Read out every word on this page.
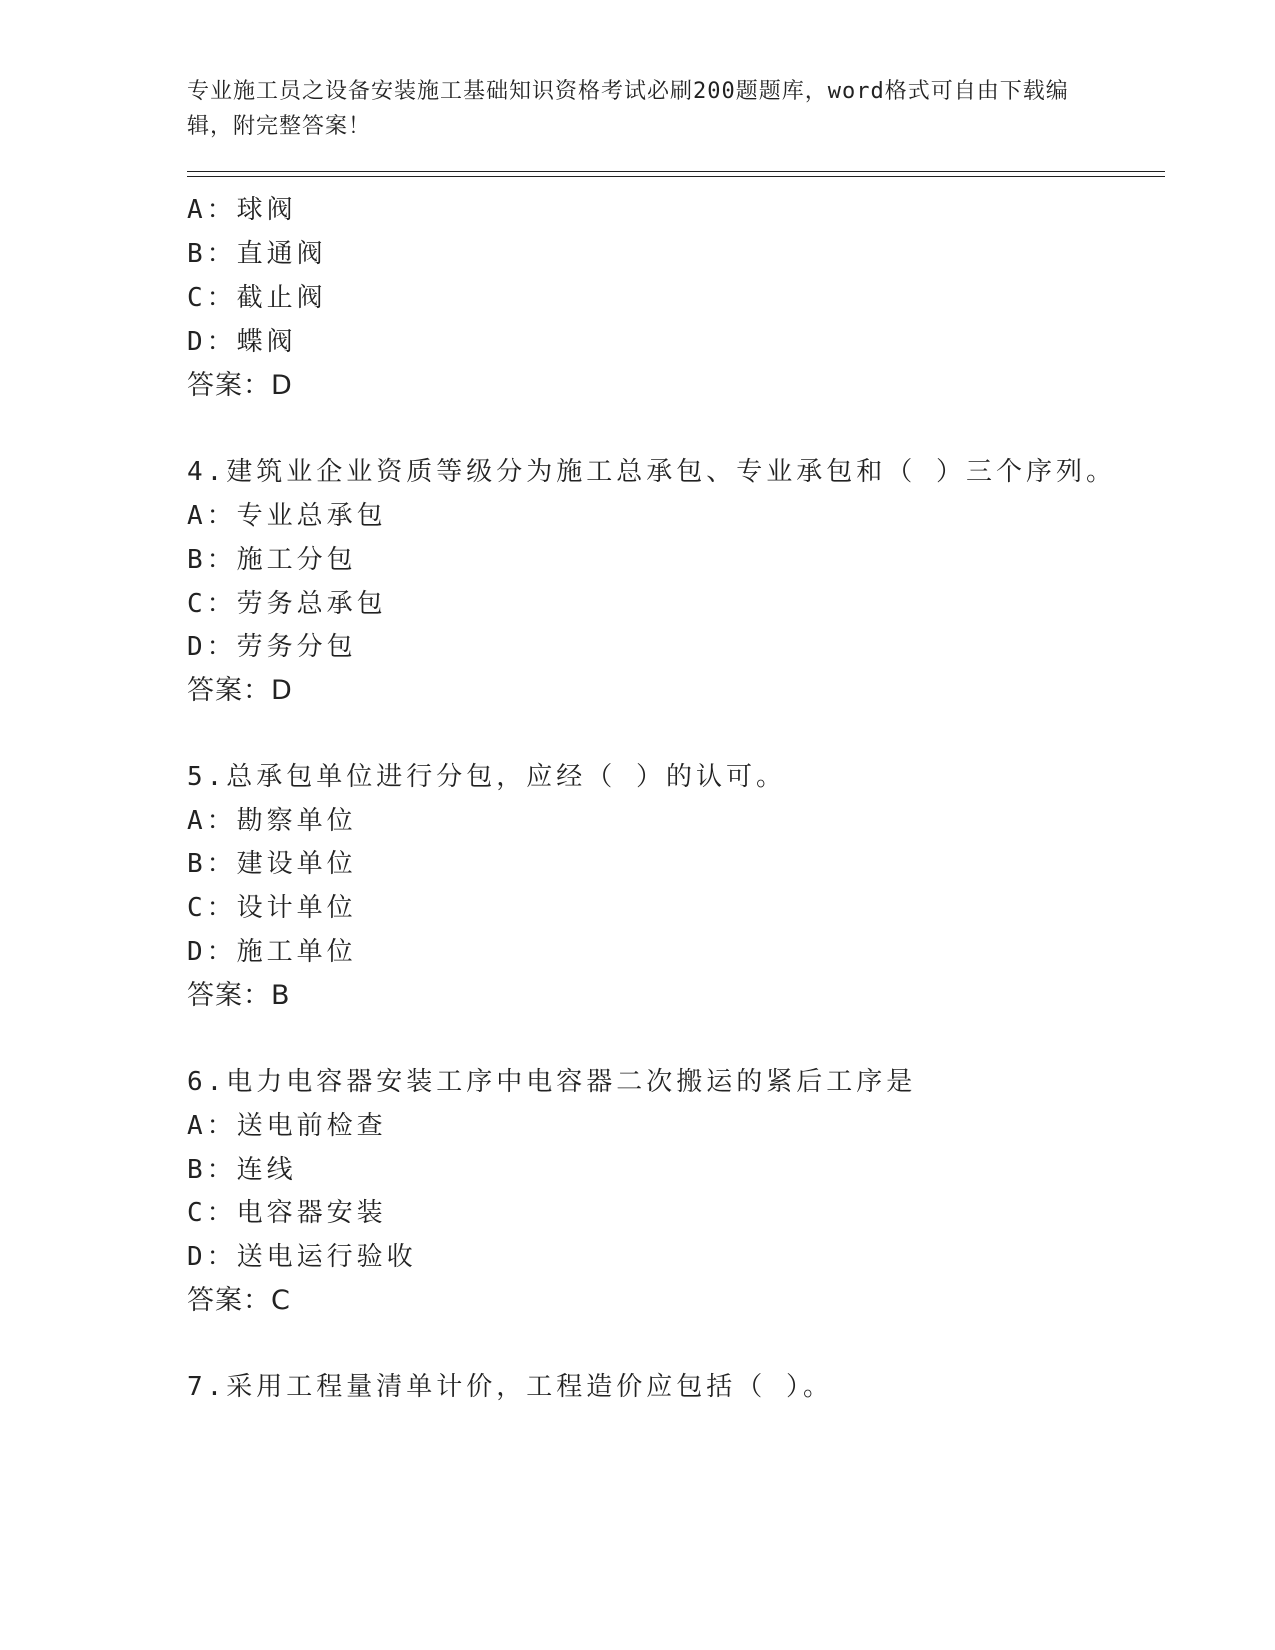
专业施工员之设备安装施工基础知识资格考试必刷200题题库，word格式可自由下载编辑，附完整答案！
A：球阀
B：直通阀
C：截止阀
D：蝶阀
答案：D
4.建筑业企业资质等级分为施工总承包、专业承包和（ ）三个序列。
A：专业总承包
B：施工分包
C：劳务总承包
D：劳务分包
答案：D
5.总承包单位进行分包，应经（ ）的认可。
A：勘察单位
B：建设单位
C：设计单位
D：施工单位
答案：B
6.电力电容器安装工序中电容器二次搬运的紧后工序是
A：送电前检查
B：连线
C：电容器安装
D：送电运行验收
答案：C
7.采用工程量清单计价，工程造价应包括（ ）。
